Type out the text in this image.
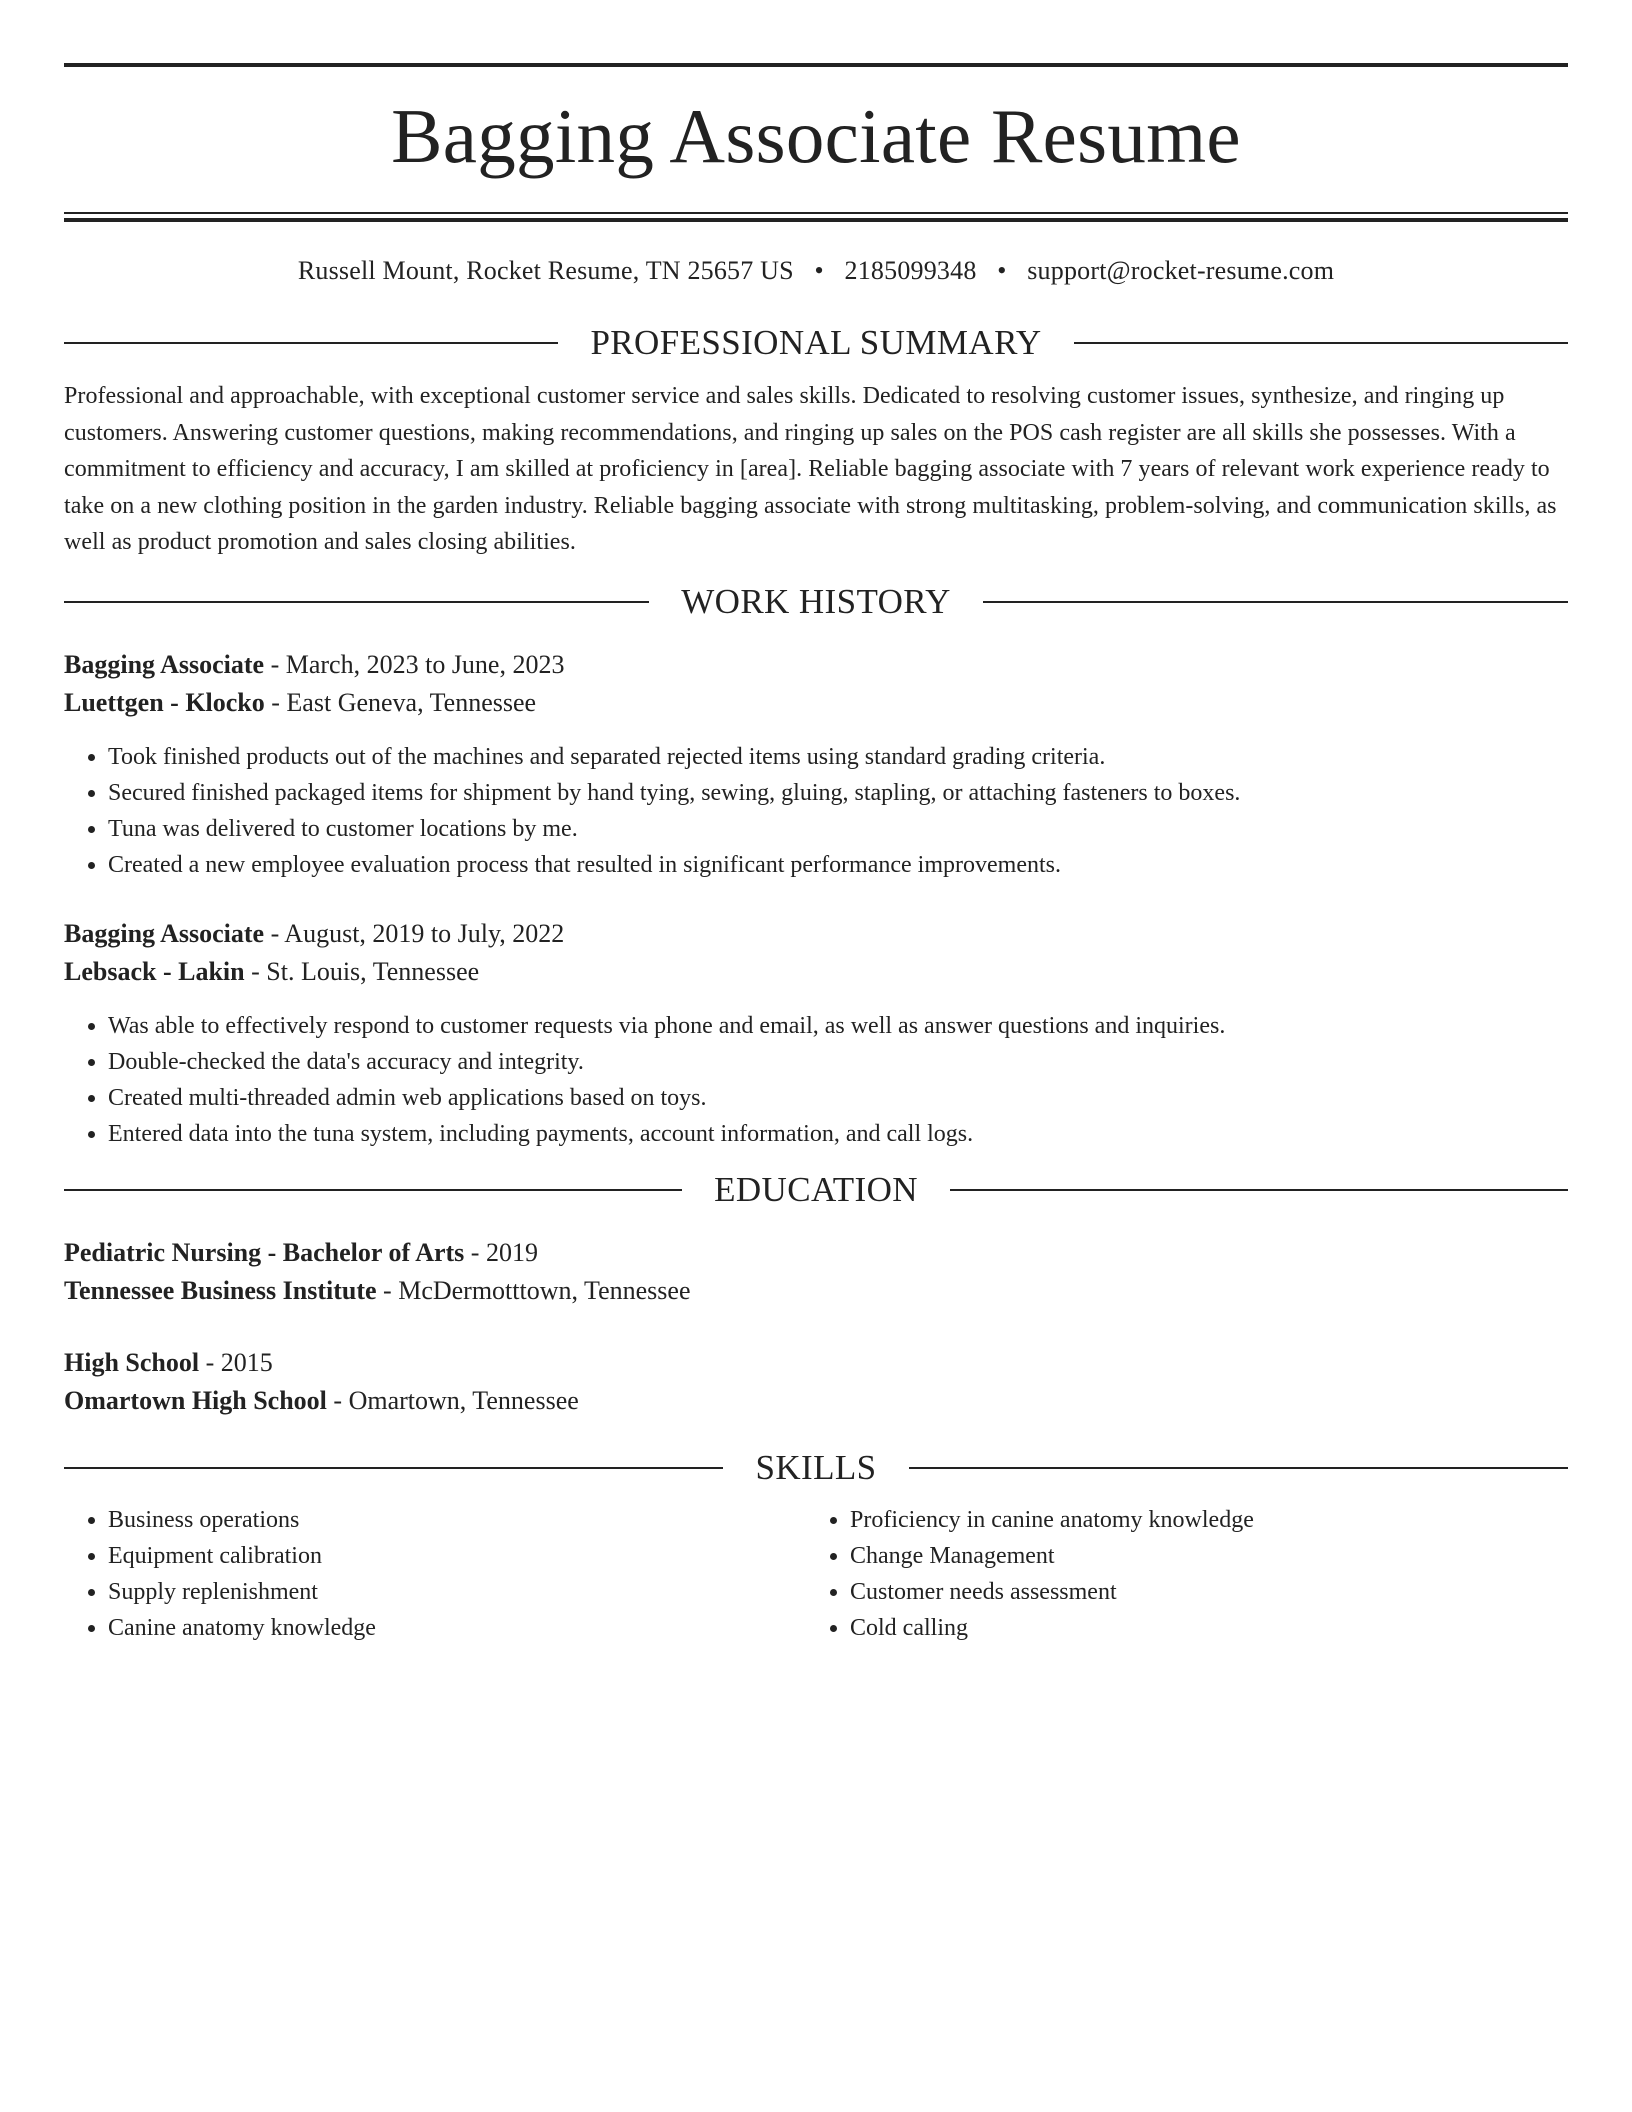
Bagging Associate Resume
Russell Mount, Rocket Resume, TN 25657 US • 2185099348 • support@rocket-resume.com
PROFESSIONAL SUMMARY

Professional and approachable, with exceptional customer service and sales skills. Dedicated to resolving customer issues, synthesize, and ringing up customers. Answering customer questions, making recommendations, and ringing up sales on the POS cash register are all skills she possesses. With a commitment to efficiency and accuracy, I am skilled at proficiency in [area]. Reliable bagging associate with 7 years of relevant work experience ready to take on a new clothing position in the garden industry. Reliable bagging associate with strong multitasking, problem-solving, and communication skills, as well as product promotion and sales closing abilities.

WORK HISTORY
Bagging Associate - March, 2023 to June, 2023
Luettgen - Klocko - East Geneva, Tennessee
• Took finished products out of the machines and separated rejected items using standard grading criteria.
• Secured finished packaged items for shipment by hand tying, sewing, gluing, stapling, or attaching fasteners to boxes.
• Tuna was delivered to customer locations by me.
• Created a new employee evaluation process that resulted in significant performance improvements.
Bagging Associate - August, 2019 to July, 2022
Lebsack - Lakin - St. Louis, Tennessee
• Was able to effectively respond to customer requests via phone and email, as well as answer questions and inquiries.
• Double-checked the data's accuracy and integrity.
• Created multi-threaded admin web applications based on toys.
• Entered data into the tuna system, including payments, account information, and call logs.
EDUCATION
Pediatric Nursing - Bachelor of Arts - 2019
Tennessee Business Institute - McDermotttown, Tennessee
High School - 2015
Omartown High School - Omartown, Tennessee
SKILLS
• Business operations
• Equipment calibration
• Supply replenishment
• Canine anatomy knowledge
• Proficiency in canine anatomy knowledge
• Change Management
• Customer needs assessment
• Cold calling
